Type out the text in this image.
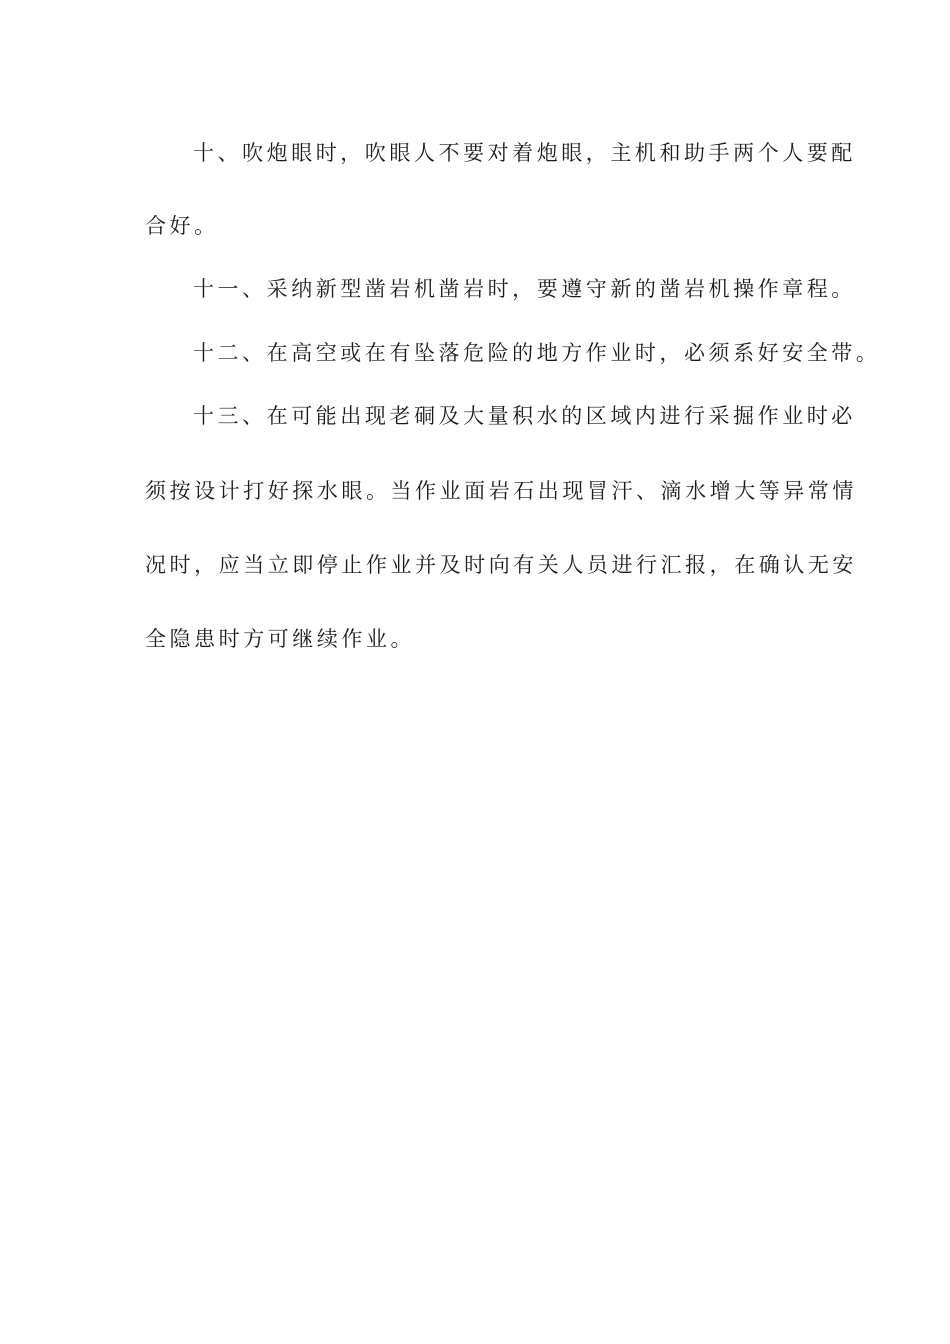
十、吹炮眼时，吹眼人不要对着炮眼，主机和助手两个人要配
合好。
十一、采纳新型凿岩机凿岩时，要遵守新的凿岩机操作章程。
十二、在高空或在有坠落危险的地方作业时，必须系好安全带。
十三、在可能出现老硐及大量积水的区域内进行采掘作业时必
须按设计打好探水眼。当作业面岩石出现冒汗、滴水增大等异常情
况时，应当立即停止作业并及时向有关人员进行汇报，在确认无安
全隐患时方可继续作业。
